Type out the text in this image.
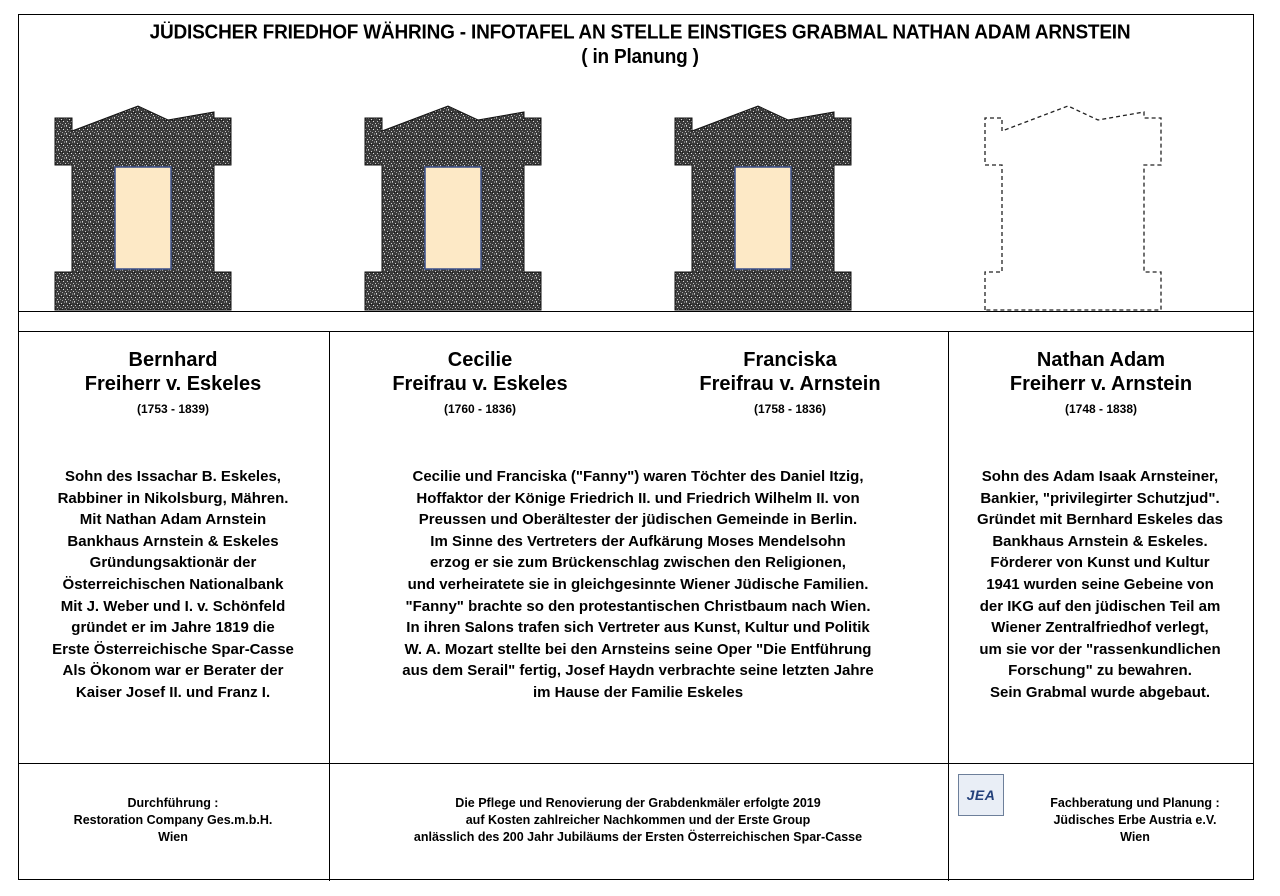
JÜDISCHER FRIEDHOF WÄHRING - INFOTAFEL AN STELLE EINSTIGES GRABMAL NATHAN ADAM ARNSTEIN
( in Planung )
Bernhard
Freiherr v. Eskeles
(1753 - 1839)
Cecilie
Freifrau v. Eskeles
(1760 - 1836)
Franciska
Freifrau v. Arnstein
(1758 - 1836)
Nathan Adam
Freiherr v. Arnstein
(1748 - 1838)
Sohn des Issachar B. Eskeles,
Rabbiner in Nikolsburg, Mähren.
Mit Nathan Adam Arnstein
Bankhaus Arnstein & Eskeles
Gründungsaktionär der
Österreichischen Nationalbank
Mit J. Weber und I. v. Schönfeld
gründet er im Jahre 1819 die
Erste Österreichische Spar-Casse
Als Ökonom war er Berater der
Kaiser Josef II. und Franz I.
Cecilie und Franciska ("Fanny") waren Töchter des Daniel Itzig,
Hoffaktor der Könige Friedrich II. und Friedrich Wilhelm II. von
Preussen und Oberältester der jüdischen Gemeinde in Berlin.
Im Sinne des Vertreters der Aufkärung Moses Mendelsohn
erzog er sie zum Brückenschlag zwischen den Religionen,
und verheiratete sie in gleichgesinnte Wiener Jüdische Familien.
"Fanny" brachte so den protestantischen Christbaum nach Wien.
In ihren Salons trafen sich Vertreter aus Kunst, Kultur und Politik
W. A. Mozart stellte bei den Arnsteins seine Oper "Die Entführung
aus dem Serail" fertig, Josef Haydn verbrachte seine letzten Jahre
im Hause der Familie Eskeles
Sohn des Adam Isaak Arnsteiner,
Bankier, "privilegirter Schutzjud".
Gründet mit Bernhard Eskeles das
Bankhaus Arnstein & Eskeles.
Förderer von Kunst und Kultur
1941 wurden seine Gebeine von
der IKG auf den jüdischen Teil am
Wiener Zentralfriedhof verlegt,
um sie vor der "rassenkundlichen
Forschung" zu bewahren.
Sein Grabmal wurde abgebaut.
Durchführung :
Restoration Company Ges.m.b.H.
Wien
Die Pflege und Renovierung der Grabdenkmäler erfolgte 2019
auf Kosten zahlreicher Nachkommen und der Erste Group
anlässlich des 200 Jahr Jubiläums der Ersten Österreichischen Spar-Casse
JEA	Fachberatung und Planung :
Jüdisches Erbe Austria e.V.
Wien
